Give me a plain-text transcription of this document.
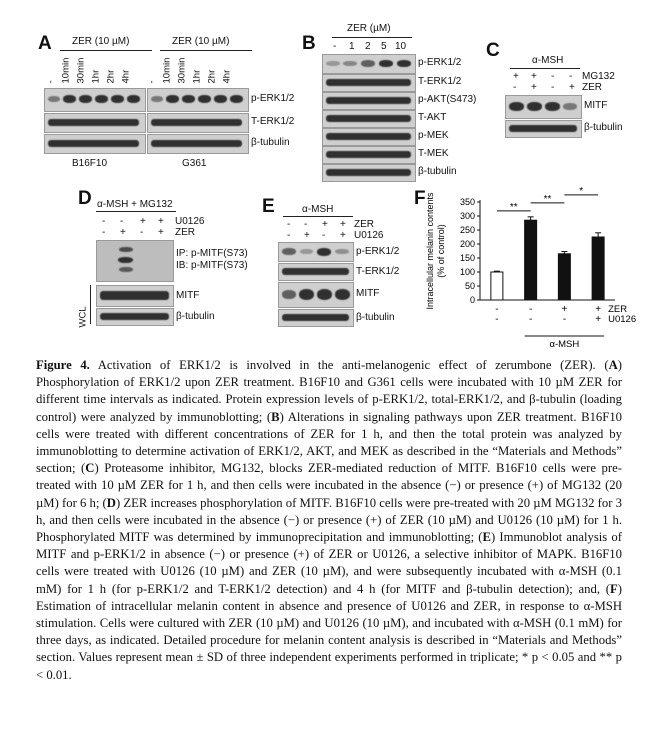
A ZER (10 µM)	ZER (10 µM)
- 10min 30min 1hr 2hr 4hr - 10min 30min 1hr 2hr 4hr
p-ERK1/2
T-ERK1/2
β-tubulin
B16F10	G361
B
ZER (µM)
- 1 2 5 10
p-ERK1/2
T-ERK1/2
p-AKT(S473)
T-AKT
p-MEK
T-MEK
β-tubulin
C	α-MSH
+ + - - MG132
- + - + ZER
MITF
β-tubulin
D α-MSH + MG132
- - + + U0126
- + - + ZER
IP: p-MITF(S73)
IB: p-MITF(S73)
MITF
β-tubulin
WCL
E	α-MSH
- - + + ZER
- + - + U0126
p-ERK1/2
T-ERK1/2
MITF
β-tubulin
F Intracellular melanin contents (% of control)
0
50
100
150
200
250
300
350	**
**
*
-	-	+	+ ZER
-	-	-	+ U0126
α-MSH
Figure 4. Activation of ERK1/2 is involved in the anti-melanogenic effect of zerumbone (ZER). (A) Phosphorylation of ERK1/2 upon ZER treatment. B16F10 and G361 cells were incubated with 10 µM ZER for different time intervals as indicated. Protein expression levels of p-ERK1/2, total-ERK1/2, and β-tubulin (loading control) were analyzed by immunoblotting; (B) Alterations in signaling pathways upon ZER treatment. B16F10 cells were treated with different concentrations of ZER for 1 h, and then the total protein was analyzed by immunoblotting to determine activation of ERK1/2, AKT, and MEK as described in the “Materials and Methods” section; (C) Proteasome inhibitor, MG132, blocks ZER-mediated reduction of MITF. B16F10 cells were pre-treated with 10 µM ZER for 1 h, and then cells were incubated in the absence (−) or presence (+) of MG132 (20 µM) for 6 h; (D) ZER increases phosphorylation of MITF. B16F10 cells were pre-treated with 20 µM MG132 for 3 h, and then cells were incubated in the absence (−) or presence (+) of ZER (10 µM) and U0126 (10 µM) for 1 h. Phosphorylated MITF was determined by immunoprecipitation and immunoblotting; (E) Immunoblot analysis of MITF and p-ERK1/2 in absence (−) or presence (+) of ZER or U0126, a selective inhibitor of MAPK. B16F10 cells were treated with U0126 (10 µM) and ZER (10 µM), and were subsequently incubated with α-MSH (0.1 mM) for 1 h (for p-ERK1/2 and T-ERK1/2 detection) and 4 h (for MITF and β-tubulin detection); and, (F) Estimation of intracellular melanin content in absence and presence of U0126 and ZER, in response to α-MSH stimulation. Cells were cultured with ZER (10 µM) and U0126 (10 µM), and incubated with α-MSH (0.1 mM) for three days, as indicated. Detailed procedure for melanin content analysis is described in “Materials and Methods” section. Values represent mean ± SD of three independent experiments performed in triplicate; * p < 0.05 and ** p < 0.01.
